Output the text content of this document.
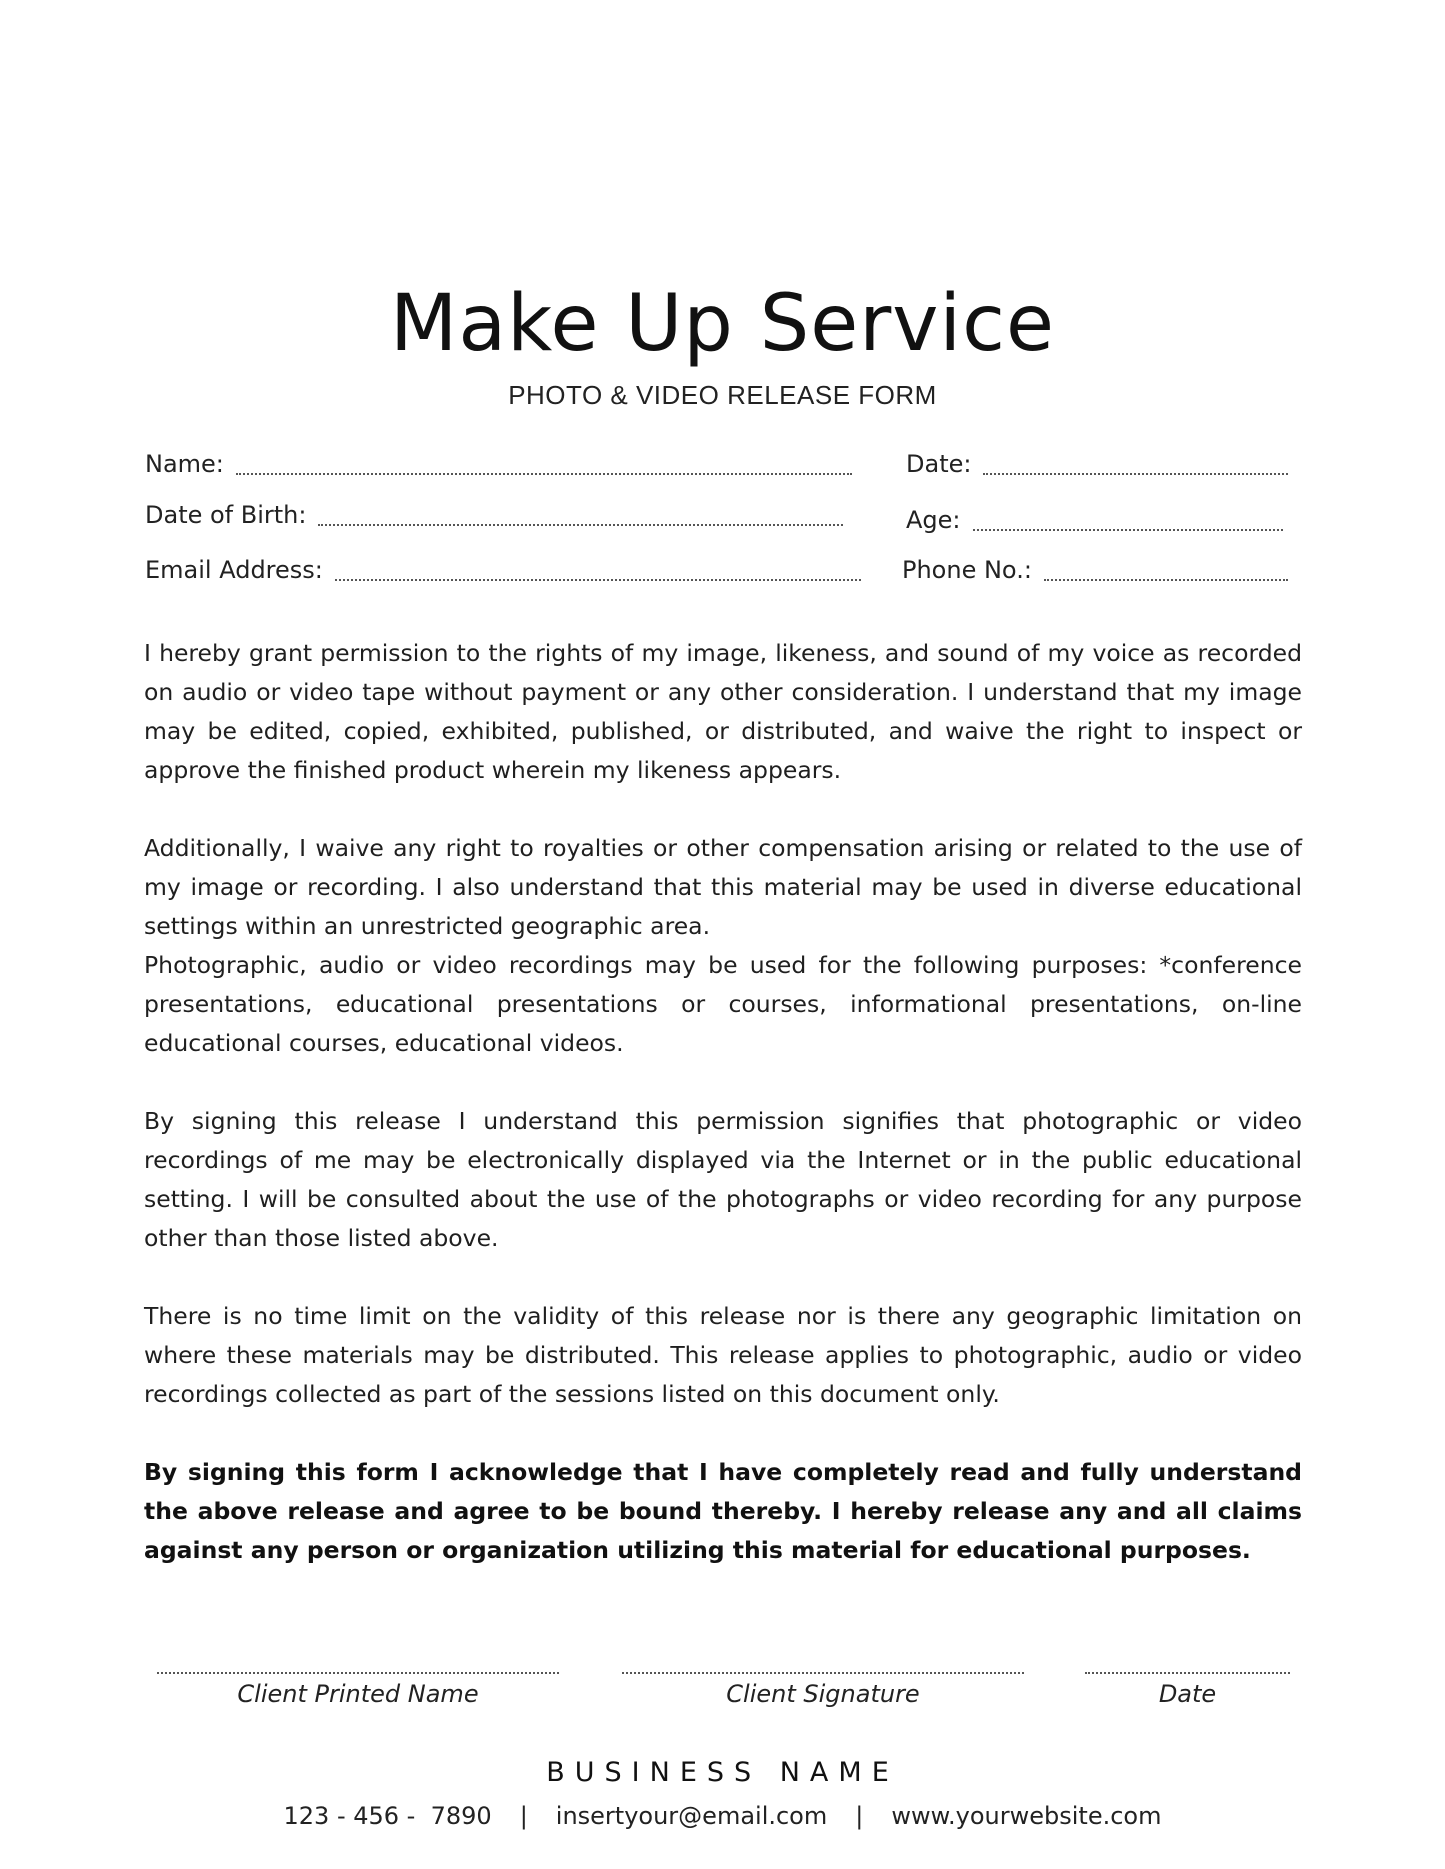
Make Up Service
PHOTO & VIDEO RELEASE FORM
Name:	Date:
Date of Birth:	Age:
Email Address:	Phone No.:

I hereby grant permission to the rights of my image, likeness, and sound of my voice as recorded on audio or video tape without payment or any other consideration. I understand that my image may be edited, copied, exhibited, published, or distributed, and waive the right to inspect or approve the finished product wherein my likeness appears.

Additionally, I waive any right to royalties or other compensation arising or related to the use of my image or recording. I also understand that this material may be used in diverse educational settings within an unrestricted geographic area.

Photographic, audio or video recordings may be used for the following purposes: *conference presentations, educational presentations or courses, informational presentations, on-line educational courses, educational videos.

By signing this release I understand this permission signifies that photographic or video recordings of me may be electronically displayed via the Internet or in the public educational setting. I will be consulted about the use of the photographs or video recording for any purpose other than those listed above.

There is no time limit on the validity of this release nor is there any geographic limitation on where these materials may be distributed. This release applies to photographic, audio or video recordings collected as part of the sessions listed on this document only.

By signing this form I acknowledge that I have completely read and fully understand the above release and agree to be bound thereby. I hereby release any and all claims against any person or organization utilizing this material for educational purposes.

Client Printed Name	Client Signature	Date
BUSINESS NAME
123 - 456 -  7890 | insertyour@email.com | www.yourwebsite.com
